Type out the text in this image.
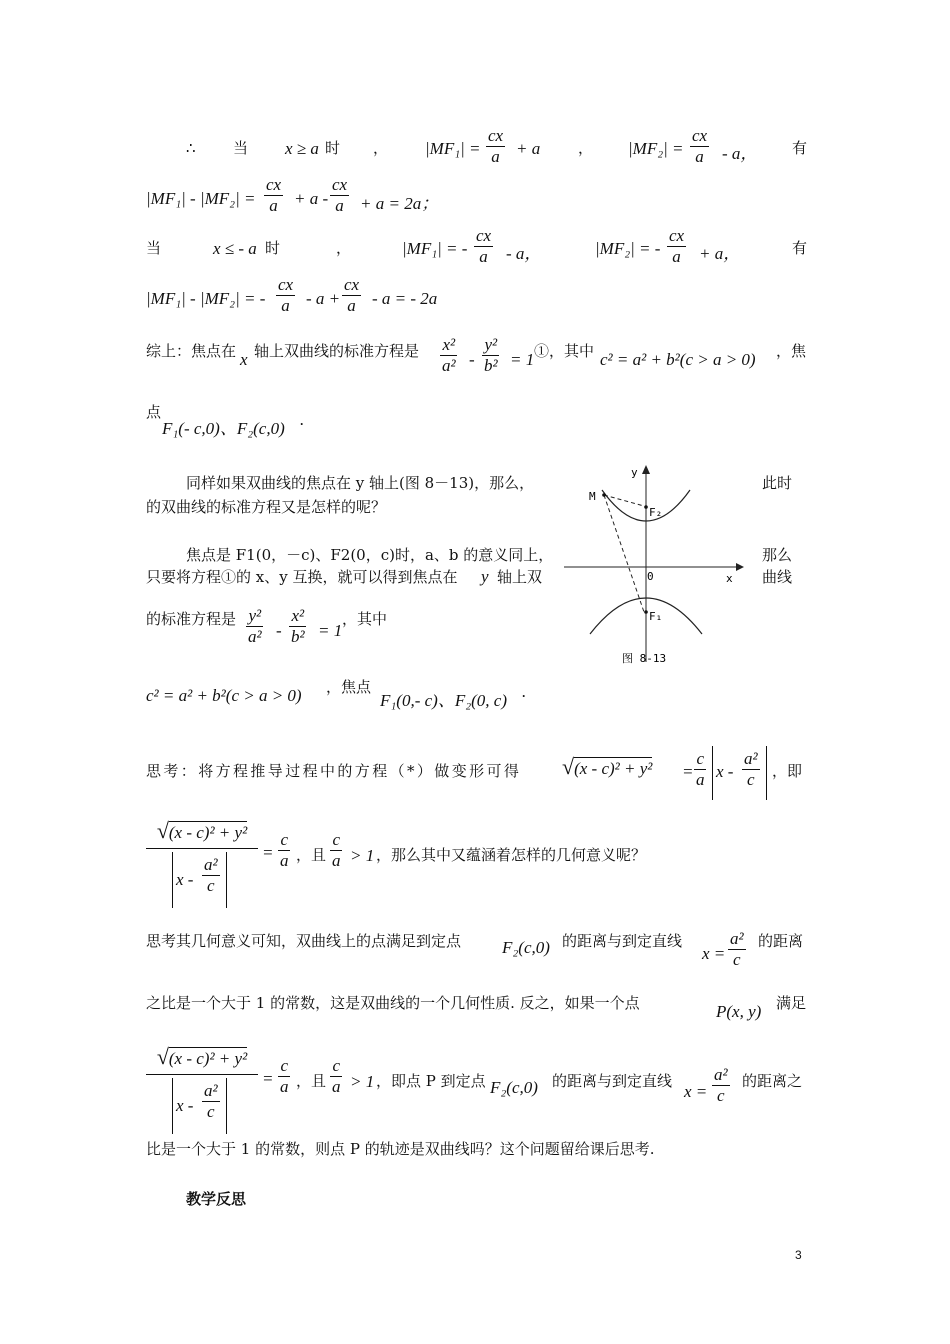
∴ 当 x ≥ a 时 ， $|MF_1| = \frac{cx}{a} + a$	， $|MF_2| = \frac{cx}{a} - a$， 有
$|MF_1| - |MF_2| = \frac{cx}{a} + a - \frac{cx}{a} + a = 2a$；
当	x ≤ - a 时	，	|MF₁| = - $\frac{cx}{a}$ - a，	|MF₂| = - $\frac{cx}{a} + a$，	有
|MF₁| - |MF₂| = - $\frac{cx}{a} - a + \frac{cx}{a} - a$ = - 2a
综上：焦点在 x 轴上双曲线的标准方程是 $\frac{\text{x²}}{\text{a²}} - \frac{\text{y²}}{\text{b²}} = 1$ ①，其中 c² = a² + b²(c > a > 0) ，焦
点
F₁(- c,0)、F₂(c,0) .
同样如果双曲线的焦点在 y 轴上(图 8－13)，那么，	此时
的双曲线的标准方程又是怎样的呢？
焦点是 F1(0，－c)、F2(0，c)时，a、b 的意义同上，	那么
只要将方程①的 x、y 互换，就可以得到焦点在 y 轴上双	曲线
的标准方程是 $\frac{\text{y²}}{\text{a²}} - \frac{\text{x²}}{\text{b²}} = 1$
，其中
c² = a² + b²(c > a > 0) ，焦点
F₁(0,- c)、F₂(0, c) .
y
x
0
M
F₂
F₁
图 8-13
思考：将方程推导过程中的方程（*）做变形可得 $√(x - c)^2 + y^2 = \frac{c}{a}$ x - $\frac{\text{a²}}{c}$ ，即
√(x - c)² + y²
x - $\frac{\text{a²}}{c}$
= $\frac{c}{a}$ ，且 $\frac{c}{a} > 1$ ，那么其中又蕴涵着怎样的几何意义呢？
思考其几何意义可知，双曲线上的点满足到定点 F₂(c,0) 的距离与到定直线
$x = \frac{\text{a²}}{c}$ 的距离
之比是一个大于 1 的常数，这是双曲线的一个几何性质. 反之，如果一个点	P(x, y) 满足
√(x - c)² + y²
x - $\frac{\text{a²}}{c}$
= $\frac{c}{a}$ ，且 $\frac{c}{a} > 1$ ，即点 P 到定点 F₂(c,0) 的距离与到定直线
$x = \frac{\text{a²}}{c}$ 的距离之
比是一个大于 1 的常数，则点 P 的轨迹是双曲线吗？这个问题留给课后思考.
教学反思
3
